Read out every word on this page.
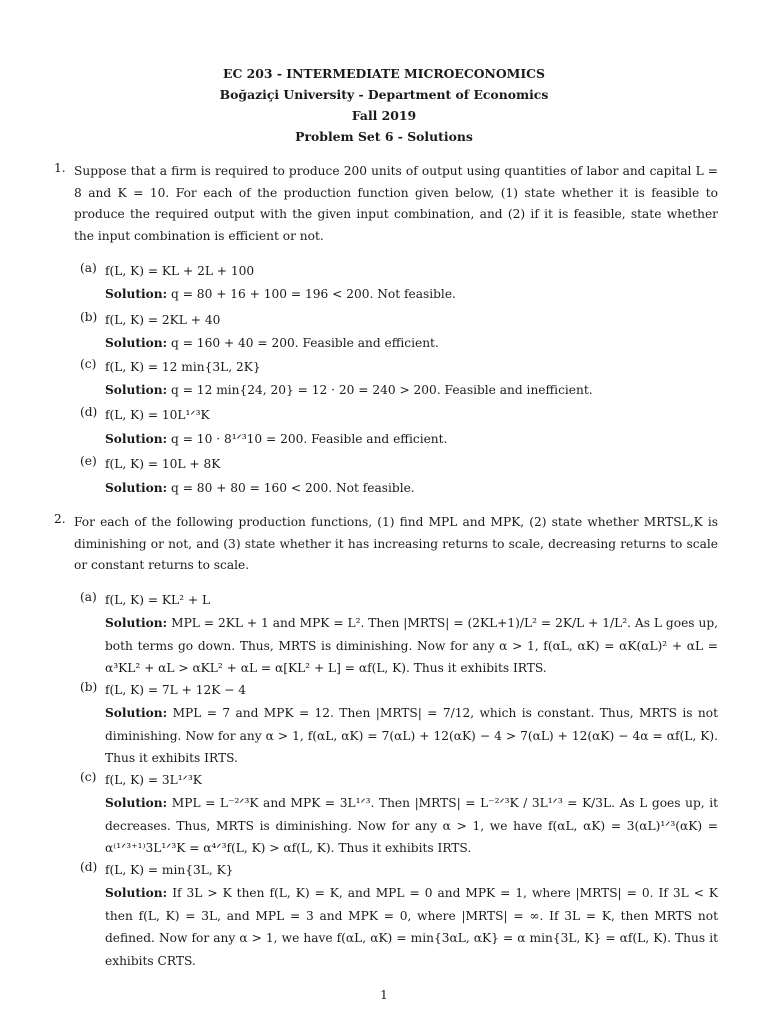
EC 203 - INTERMEDIATE MICROECONOMICS
Boğaziçi University - Department of Economics
Fall 2019
Problem Set 6 - Solutions
1. Suppose that a firm is required to produce 200 units of output using quantities of labor and capital L = 8 and K = 10. For each of the production function given below, (1) state whether it is feasible to produce the required output with the given input combination, and (2) if it is feasible, state whether the input combination is efficient or not.
(a) f(L, K) = KL + 2L + 100
Solution: q = 80 + 16 + 100 = 196 < 200. Not feasible.
(b) f(L, K) = 2KL + 40
Solution: q = 160 + 40 = 200. Feasible and efficient.
(c) f(L, K) = 12 min{3L, 2K}
Solution: q = 12 min{24, 20} = 12 · 20 = 240 > 200. Feasible and inefficient.
(d) f(L, K) = 10L¹ᐟ³K
Solution: q = 10 · 8¹ᐟ³10 = 200. Feasible and efficient.
(e) f(L, K) = 10L + 8K
Solution: q = 80 + 80 = 160 < 200. Not feasible.
2. For each of the following production functions, (1) find MPL and MPK, (2) state whether MRTSL,K is diminishing or not, and (3) state whether it has increasing returns to scale, decreasing returns to scale or constant returns to scale.
(a) f(L, K) = KL² + L
Solution: MPL = 2KL + 1 and MPK = L². Then |MRTS| = (2KL+1)/L² = 2K/L + 1/L². As L goes up, both terms go down. Thus, MRTS is diminishing. Now for any α > 1, f(αL, αK) = αK(αL)² + αL = α³KL² + αL > αKL² + αL = α[KL² + L] = αf(L, K). Thus it exhibits IRTS.
(b) f(L, K) = 7L + 12K − 4
Solution: MPL = 7 and MPK = 12. Then |MRTS| = 7/12, which is constant. Thus, MRTS is not diminishing. Now for any α > 1, f(αL, αK) = 7(αL) + 12(αK) − 4 > 7(αL) + 12(αK) − 4α = αf(L, K). Thus it exhibits IRTS.
(c) f(L, K) = 3L¹ᐟ³K
Solution: MPL = L⁻²ᐟ³K and MPK = 3L¹ᐟ³. Then |MRTS| = L⁻²ᐟ³K / 3L¹ᐟ³ = K/3L. As L goes up, it decreases. Thus, MRTS is diminishing. Now for any α > 1, we have f(αL, αK) = 3(αL)¹ᐟ³(αK) = α⁽¹ᐟ³⁺¹⁾3L¹ᐟ³K = α⁴ᐟ³f(L, K) > αf(L, K). Thus it exhibits IRTS.
(d) f(L, K) = min{3L, K}
Solution: If 3L > K then f(L, K) = K, and MPL = 0 and MPK = 1, where |MRTS| = 0. If 3L < K then f(L, K) = 3L, and MPL = 3 and MPK = 0, where |MRTS| = ∞. If 3L = K, then MRTS not defined. Now for any α > 1, we have f(αL, αK) = min{3αL, αK} = α min{3L, K} = αf(L, K). Thus it exhibits CRTS.
1
